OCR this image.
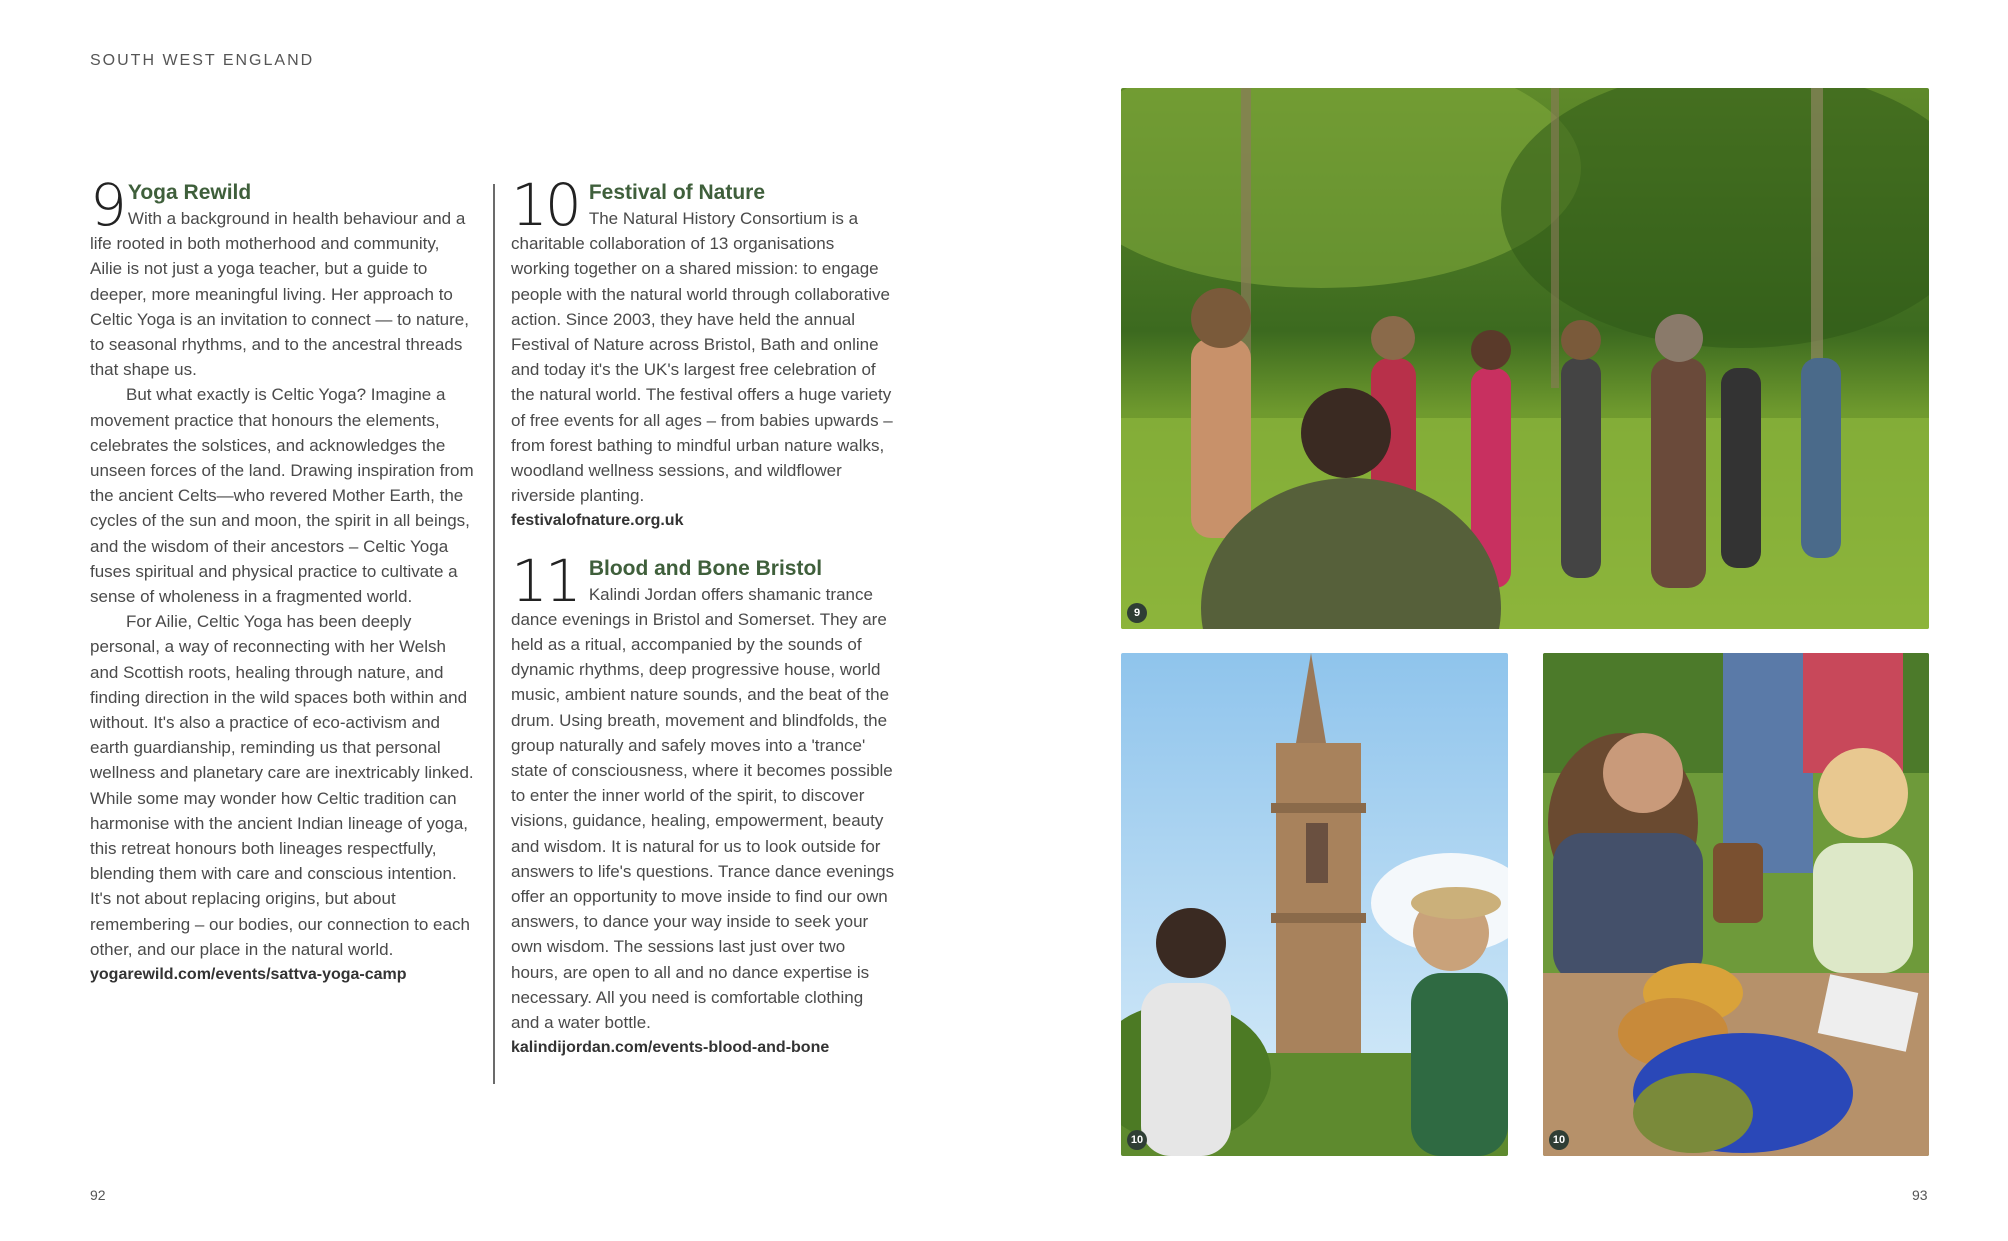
SOUTH WEST ENGLAND
9 Yoga Rewild

With a background in health behaviour and a life rooted in both motherhood and community, Ailie is not just a yoga teacher, but a guide to deeper, more meaningful living. Her approach to Celtic Yoga is an invitation to connect — to nature, to seasonal rhythms, and to the ancestral threads that shape us.

But what exactly is Celtic Yoga? Imagine a movement practice that honours the elements, celebrates the solstices, and acknowledges the unseen forces of the land. Drawing inspiration from the ancient Celts—who revered Mother Earth, the cycles of the sun and moon, the spirit in all beings, and the wisdom of their ancestors – Celtic Yoga fuses spiritual and physical practice to cultivate a sense of wholeness in a fragmented world.

For Ailie, Celtic Yoga has been deeply personal, a way of reconnecting with her Welsh and Scottish roots, healing through nature, and finding direction in the wild spaces both within and without. It's also a practice of eco-activism and earth guardianship, reminding us that personal wellness and planetary care are inextricably linked. While some may wonder how Celtic tradition can harmonise with the ancient Indian lineage of yoga, this retreat honours both lineages respectfully, blending them with care and conscious intention. It's not about replacing origins, but about remembering – our bodies, our connection to each other, and our place in the natural world.

yogarewild.com/events/sattva-yoga-camp
10 Festival of Nature

The Natural History Consortium is a charitable collaboration of 13 organisations working together on a shared mission: to engage people with the natural world through collaborative action. Since 2003, they have held the annual Festival of Nature across Bristol, Bath and online and today it's the UK's largest free celebration of the natural world. The festival offers a huge variety of free events for all ages – from babies upwards – from forest bathing to mindful urban nature walks, woodland wellness sessions, and wildflower riverside planting.

festivalofnature.org.uk
11 Blood and Bone Bristol

Kalindi Jordan offers shamanic trance dance evenings in Bristol and Somerset. They are held as a ritual, accompanied by the sounds of dynamic rhythms, deep progressive house, world music, ambient nature sounds, and the beat of the drum. Using breath, movement and blindfolds, the group naturally and safely moves into a 'trance' state of consciousness, where it becomes possible to enter the inner world of the spirit, to discover visions, guidance, healing, empowerment, beauty and wisdom. It is natural for us to look outside for answers to life's questions. Trance dance evenings offer an opportunity to move inside to find our own answers, to dance your way inside to seek your own wisdom. The sessions last just over two hours, are open to all and no dance expertise is necessary. All you need is comfortable clothing and a water bottle.

kalindijordan.com/events-blood-and-bone
9
10	10
92	93
